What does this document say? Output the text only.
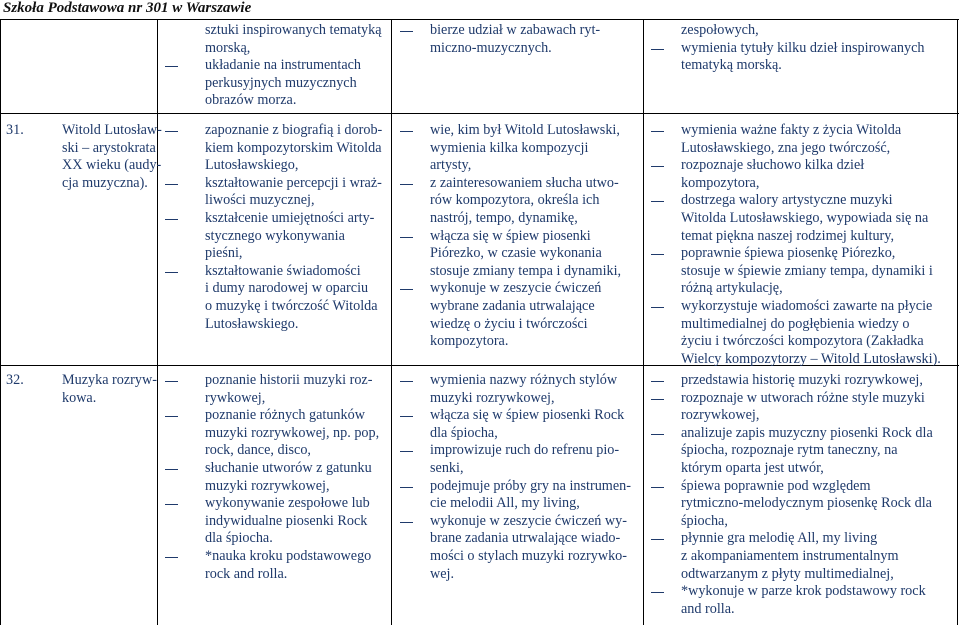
Szkoła Podstawowa nr 301 w Warszawie
sztuki inspirowanych tematyką
morską,
układanie na instrumentach
perkusyjnych muzycznych
obrazów morza.
bierze udział w zabawach ryt-
miczno-muzycznych.
zespołowych,
wymienia tytuły kilku dzieł inspirowanych
tematyką morską.
31.	Witold Lutosław-
ski – arystokrata
XX wieku (audy-
cja muzyczna).
zapoznanie z biografią i dorob-
kiem kompozytorskim Witolda
Lutosławskiego,
kształtowanie percepcji i wraż-
liwości muzycznej,
kształcenie umiejętności arty-
stycznego wykonywania
pieśni,
kształtowanie świadomości
i dumy narodowej w oparciu
o muzykę i twórczość Witolda
Lutosławskiego.
wie, kim był Witold Lutosławski,
wymienia kilka kompozycji
artysty,
z zainteresowaniem słucha utwo-
rów kompozytora, określa ich
nastrój, tempo, dynamikę,
włącza się w śpiew piosenki
Piórezko, w czasie wykonania
stosuje zmiany tempa i dynamiki,
wykonuje w zeszycie ćwiczeń
wybrane zadania utrwalające
wiedzę o życiu i twórczości
kompozytora.
wymienia ważne fakty z życia Witolda
Lutosławskiego, zna jego twórczość,
rozpoznaje słuchowo kilka dzieł
kompozytora,
dostrzega walory artystyczne muzyki
Witolda Lutosławskiego, wypowiada się na
temat piękna naszej rodzimej kultury,
poprawnie śpiewa piosenkę Piórezko,
stosuje w śpiewie zmiany tempa, dynamiki i
różną artykulację,
wykorzystuje wiadomości zawarte na płycie
multimedialnej do pogłębienia wiedzy o
życiu i twórczości kompozytora (Zakładka
Wielcy kompozytorzy – Witold Lutosławski).
32.	Muzyka rozryw-
kowa.
poznanie historii muzyki roz-
rywkowej,
poznanie różnych gatunków
muzyki rozrywkowej, np. pop,
rock, dance, disco,
słuchanie utworów z gatunku
muzyki rozrywkowej,
wykonywanie zespołowe lub
indywidualne piosenki Rock
dla śpiocha.
*nauka kroku podstawowego
rock and rolla.
wymienia nazwy różnych stylów
muzyki rozrywkowej,
włącza się w śpiew piosenki Rock
dla śpiocha,
improwizuje ruch do refrenu pio-
senki,
podejmuje próby gry na instrumen-
cie melodii All, my living,
wykonuje w zeszycie ćwiczeń wy-
brane zadania utrwalające wiado-
mości o stylach muzyki rozrywko-
wej.
przedstawia historię muzyki rozrywkowej,
rozpoznaje w utworach różne style muzyki
rozrywkowej,
analizuje zapis muzyczny piosenki Rock dla
śpiocha, rozpoznaje rytm taneczny, na
którym oparta jest utwór,
śpiewa poprawnie pod względem
rytmiczno-melodycznym piosenkę Rock dla
śpiocha,
płynnie gra melodię All, my living
z akompaniamentem instrumentalnym
odtwarzanym z płyty multimedialnej,
*wykonuje w parze krok podstawowy rock
and rolla.
